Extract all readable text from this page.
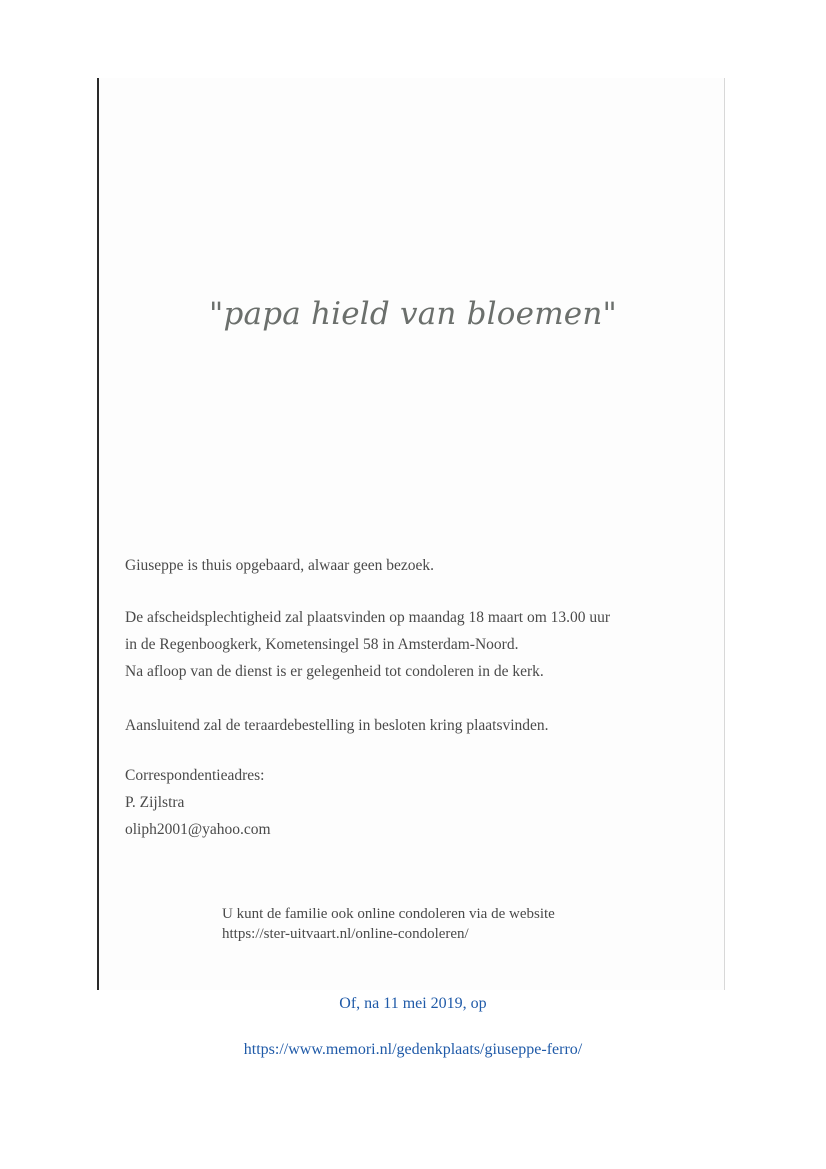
"papa hield van bloemen"

Giuseppe is thuis opgebaard, alwaar geen bezoek.

De afscheidsplechtigheid zal plaatsvinden op maandag 18 maart om 13.00 uur
in de Regenboogkerk, Kometensingel 58 in Amsterdam-Noord.
Na afloop van de dienst is er gelegenheid tot condoleren in de kerk.

Aansluitend zal de teraardebestelling in besloten kring plaatsvinden.

Correspondentieadres:
P. Zijlstra
oliph2001@yahoo.com

U kunt de familie ook online condoleren via de website
https://ster-uitvaart.nl/online-condoleren/

Of, na 11 mei 2019, op

https://www.memori.nl/gedenkplaats/giuseppe-ferro/
